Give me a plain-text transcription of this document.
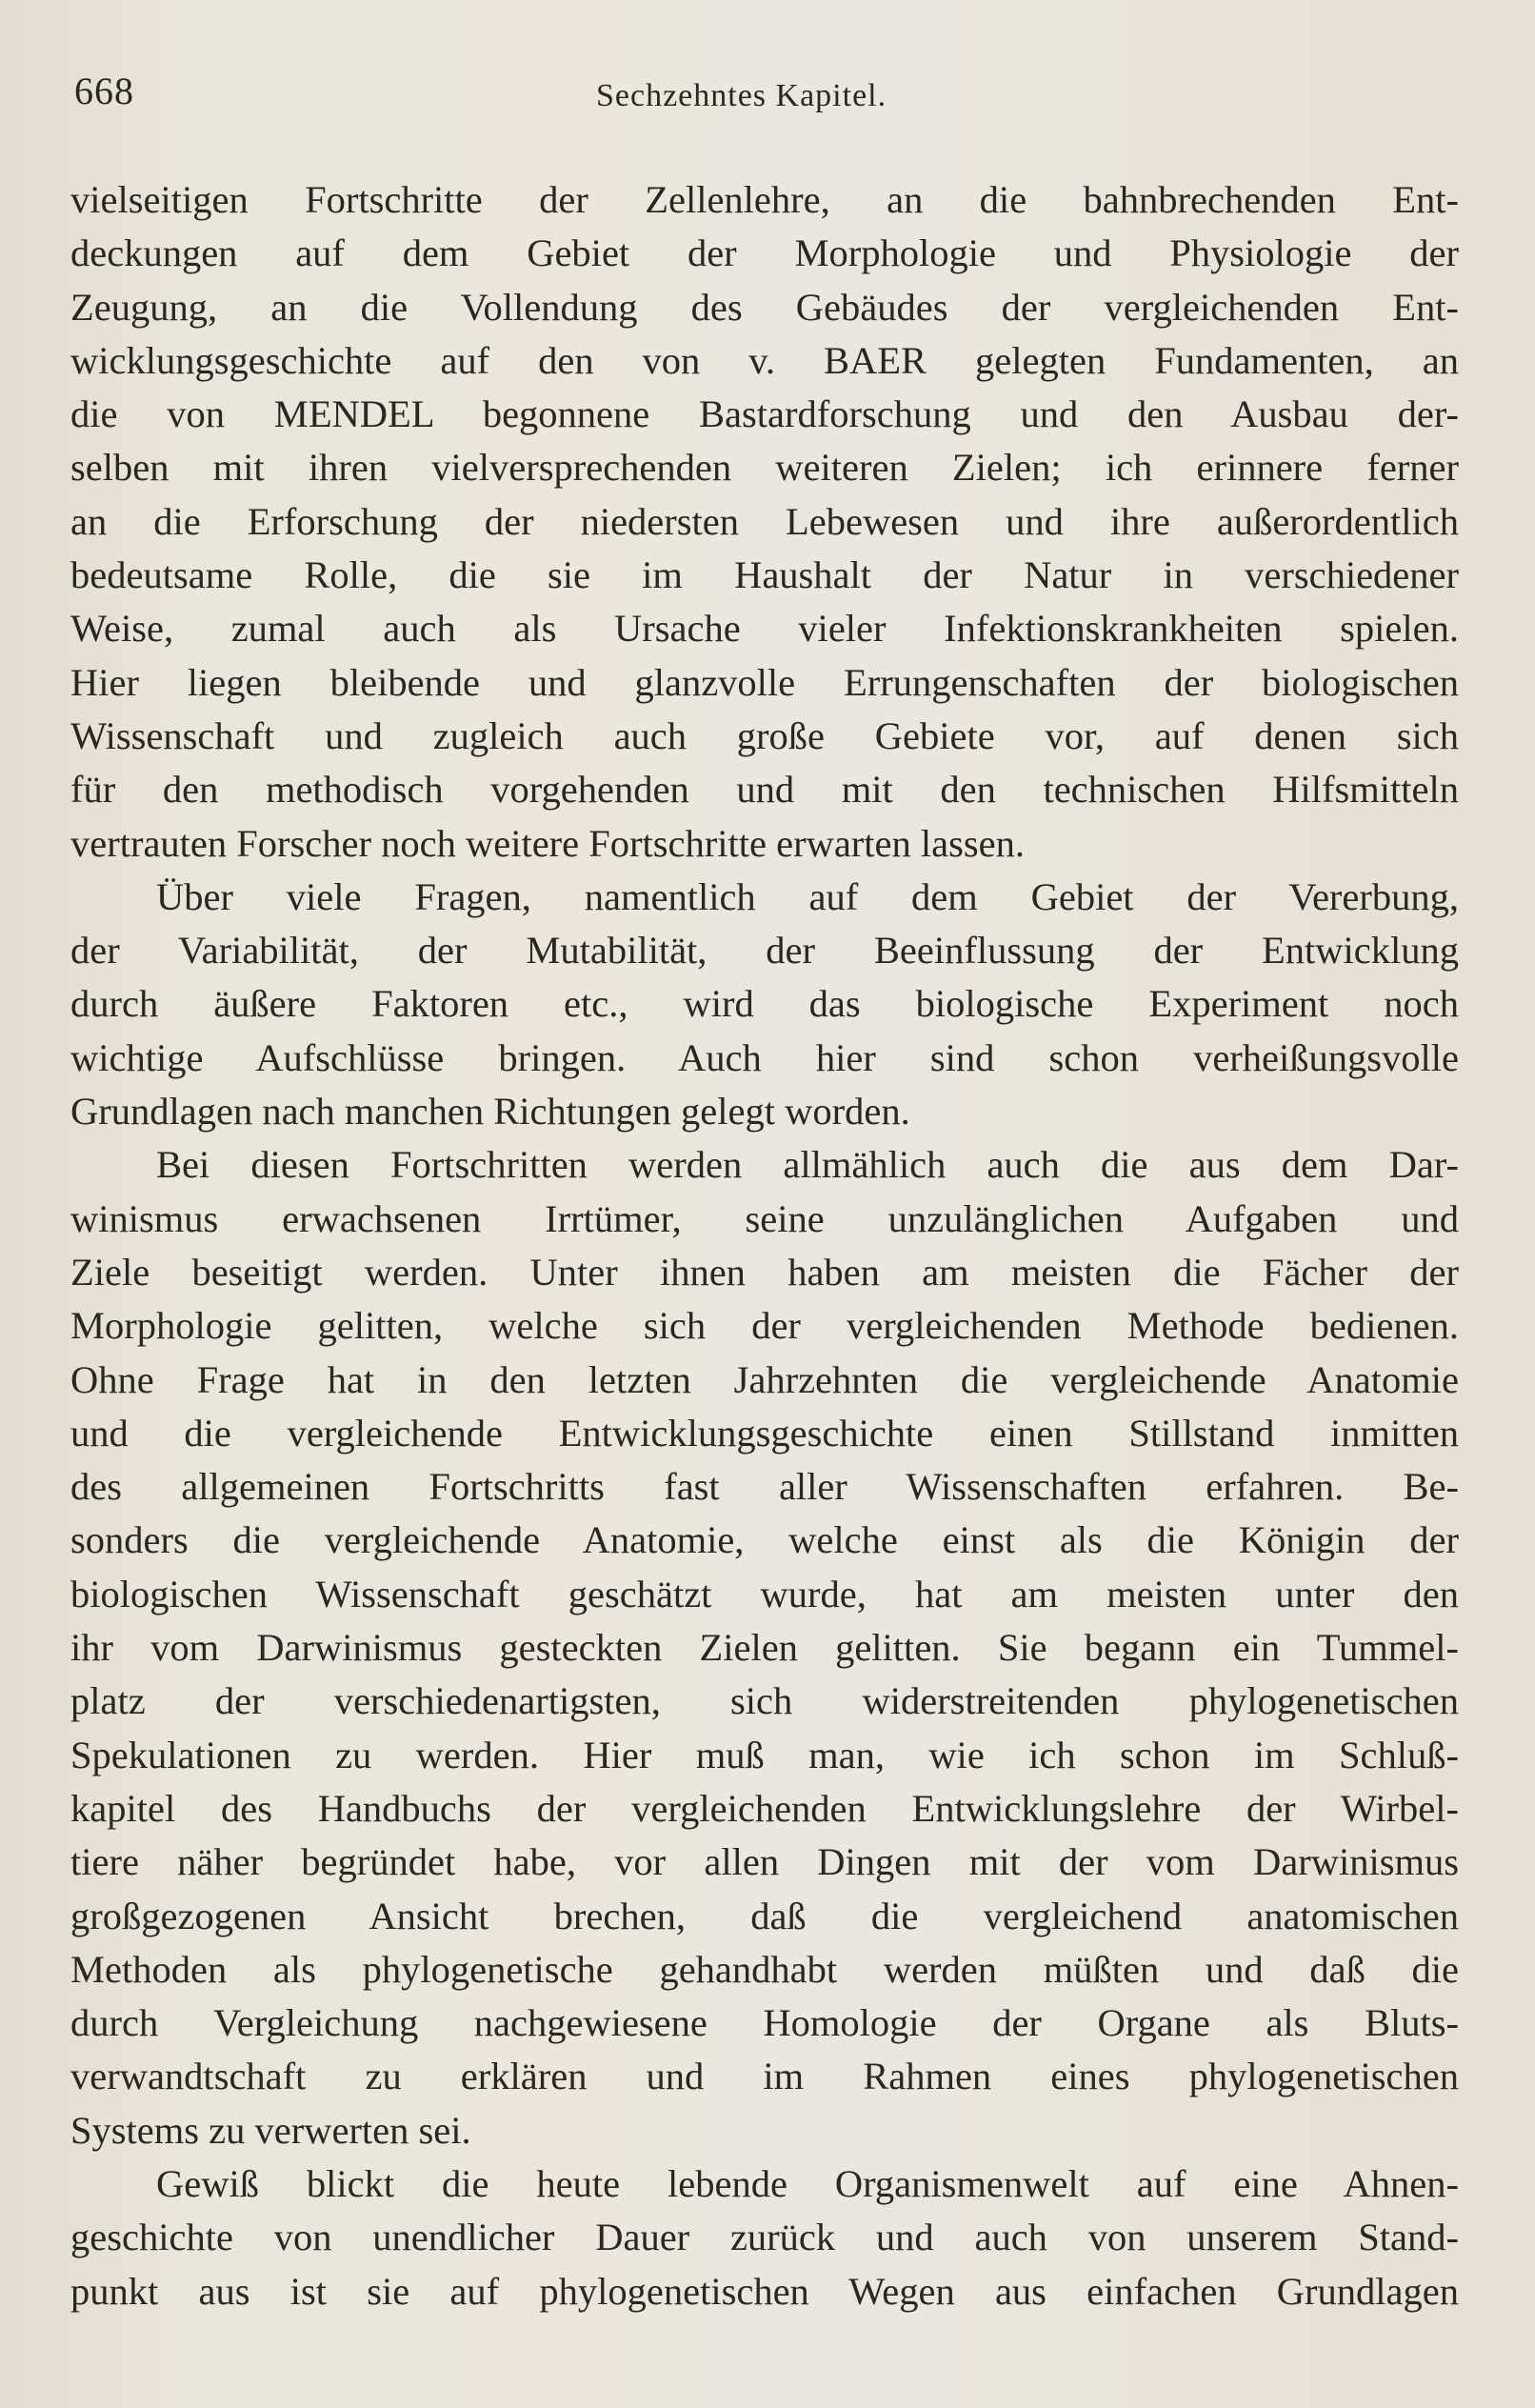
668	Sechzehntes Kapitel.
vielseitigen Fortschritte der Zellenlehre, an die bahnbrechenden Ent-
deckungen auf dem Gebiet der Morphologie und Physiologie der
Zeugung, an die Vollendung des Gebäudes der vergleichenden Ent-
wicklungsgeschichte auf den von v. BAER gelegten Fundamenten, an
die von MENDEL begonnene Bastardforschung und den Ausbau der-
selben mit ihren vielversprechenden weiteren Zielen; ich erinnere ferner
an die Erforschung der niedersten Lebewesen und ihre außerordentlich
bedeutsame Rolle, die sie im Haushalt der Natur in verschiedener
Weise, zumal auch als Ursache vieler Infektionskrankheiten spielen.
Hier liegen bleibende und glanzvolle Errungenschaften der biologischen
Wissenschaft und zugleich auch große Gebiete vor, auf denen sich
für den methodisch vorgehenden und mit den technischen Hilfsmitteln
vertrauten Forscher noch weitere Fortschritte erwarten lassen.
Über viele Fragen, namentlich auf dem Gebiet der Vererbung,
der Variabilität, der Mutabilität, der Beeinflussung der Entwicklung
durch äußere Faktoren etc., wird das biologische Experiment noch
wichtige Aufschlüsse bringen. Auch hier sind schon verheißungsvolle
Grundlagen nach manchen Richtungen gelegt worden.
Bei diesen Fortschritten werden allmählich auch die aus dem Dar-
winismus erwachsenen Irrtümer, seine unzulänglichen Aufgaben und
Ziele beseitigt werden. Unter ihnen haben am meisten die Fächer der
Morphologie gelitten, welche sich der vergleichenden Methode bedienen.
Ohne Frage hat in den letzten Jahrzehnten die vergleichende Anatomie
und die vergleichende Entwicklungsgeschichte einen Stillstand inmitten
des allgemeinen Fortschritts fast aller Wissenschaften erfahren. Be-
sonders die vergleichende Anatomie, welche einst als die Königin der
biologischen Wissenschaft geschätzt wurde, hat am meisten unter den
ihr vom Darwinismus gesteckten Zielen gelitten. Sie begann ein Tummel-
platz der verschiedenartigsten, sich widerstreitenden phylogenetischen
Spekulationen zu werden. Hier muß man, wie ich schon im Schluß-
kapitel des Handbuchs der vergleichenden Entwicklungslehre der Wirbel-
tiere näher begründet habe, vor allen Dingen mit der vom Darwinismus
großgezogenen Ansicht brechen, daß die vergleichend anatomischen
Methoden als phylogenetische gehandhabt werden müßten und daß die
durch Vergleichung nachgewiesene Homologie der Organe als Bluts-
verwandtschaft zu erklären und im Rahmen eines phylogenetischen
Systems zu verwerten sei.
Gewiß blickt die heute lebende Organismenwelt auf eine Ahnen-
geschichte von unendlicher Dauer zurück und auch von unserem Stand-
punkt aus ist sie auf phylogenetischen Wegen aus einfachen Grundlagen
